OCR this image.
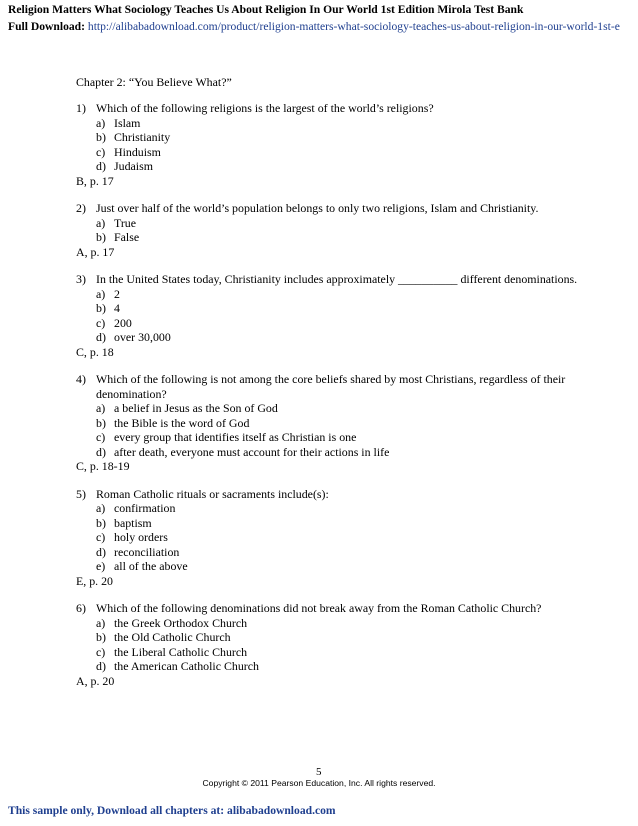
Religion Matters What Sociology Teaches Us About Religion In Our World 1st Edition Mirola Test Bank
Full Download: http://alibabadownload.com/product/religion-matters-what-sociology-teaches-us-about-religion-in-our-world-1st-e
Chapter 2: “You Believe What?”
1) Which of the following religions is the largest of the world’s religions?
a) Islam
b) Christianity
c) Hinduism
d) Judaism
B, p. 17
2) Just over half of the world’s population belongs to only two religions, Islam and Christianity.
a) True
b) False
A, p. 17
3) In the United States today, Christianity includes approximately __________ different denominations.
a) 2
b) 4
c) 200
d) over 30,000
C, p. 18
4) Which of the following is not among the core beliefs shared by most Christians, regardless of their denomination?
a) a belief in Jesus as the Son of God
b) the Bible is the word of God
c) every group that identifies itself as Christian is one
d) after death, everyone must account for their actions in life
C, p. 18-19
5) Roman Catholic rituals or sacraments include(s):
a) confirmation
b) baptism
c) holy orders
d) reconciliation
e) all of the above
E, p. 20
6) Which of the following denominations did not break away from the Roman Catholic Church?
a) the Greek Orthodox Church
b) the Old Catholic Church
c) the Liberal Catholic Church
d) the American Catholic Church
A, p. 20
5
Copyright © 2011 Pearson Education, Inc. All rights reserved.
This sample only, Download all chapters at: alibabadownload.com
